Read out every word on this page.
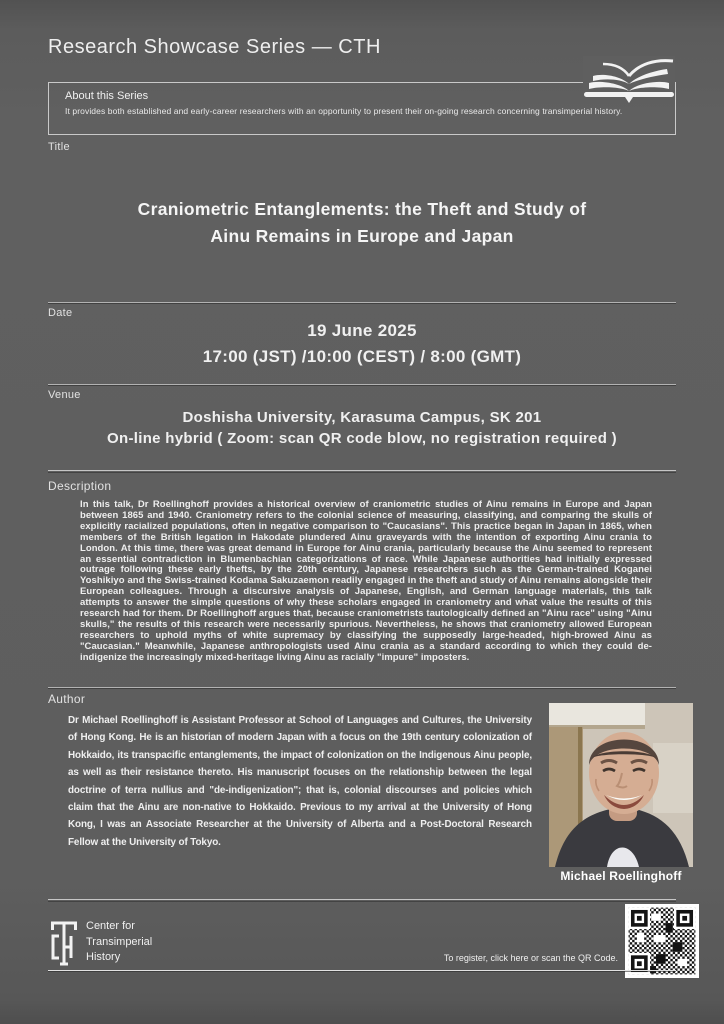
Research Showcase Series — CTH
About this Series
It provides both established and early-career researchers with an opportunity to present their on-going research concerning transimperial history.
Title
Craniometric Entanglements: the Theft and Study of
Ainu Remains in Europe and Japan
Date
19 June 2025
17:00 (JST) /10:00 (CEST) / 8:00 (GMT)
Venue
Doshisha University, Karasuma Campus, SK 201
On-line hybrid ( Zoom: scan QR code blow, no registration required )
Description
In this talk, Dr Roellinghoff provides a historical overview of craniometric studies of Ainu remains in Europe and Japan between 1865 and 1940. Craniometry refers to the colonial science of measuring, classifying, and comparing the skulls of explicitly racialized populations, often in negative comparison to "Caucasians". This practice began in Japan in 1865, when members of the British legation in Hakodate plundered Ainu graveyards with the intention of exporting Ainu crania to London. At this time, there was great demand in Europe for Ainu crania, particularly because the Ainu seemed to represent an essential contradiction in Blumenbachian categorizations of race. While Japanese authorities had initially expressed outrage following these early thefts, by the 20th century, Japanese researchers such as the German-trained Koganei Yoshikiyo and the Swiss-trained Kodama Sakuzaemon readily engaged in the theft and study of Ainu remains alongside their European colleagues. Through a discursive analysis of Japanese, English, and German language materials, this talk attempts to answer the simple questions of why these scholars engaged in craniometry and what value the results of this research had for them. Dr Roellinghoff argues that, because craniometrists tautologically defined an "Ainu race" using "Ainu skulls," the results of this research were necessarily spurious. Nevertheless, he shows that craniometry allowed European researchers to uphold myths of white supremacy by classifying the supposedly large-headed, high-browed Ainu as "Caucasian." Meanwhile, Japanese anthropologists used Ainu crania as a standard according to which they could de-indigenize the increasingly mixed-heritage living Ainu as racially "impure" imposters.
Author
Dr Michael Roellinghoff is Assistant Professor at School of Languages and Cultures, the University of Hong Kong. He is an historian of modern Japan with a focus on the 19th century colonization of Hokkaido, its transpacific entanglements, the impact of colonization on the Indigenous Ainu people, as well as their resistance thereto. His manuscript focuses on the relationship between the legal doctrine of terra nullius and "de-indigenization"; that is, colonial discourses and policies which claim that the Ainu are non-native to Hokkaido. Previous to my arrival at the University of Hong Kong, I was an Associate Researcher at the University of Alberta and a Post-Doctoral Research Fellow at the University of Tokyo.
Michael Roellinghoff
Center for
Transimperial
History	To register, click here or scan the QR Code.
